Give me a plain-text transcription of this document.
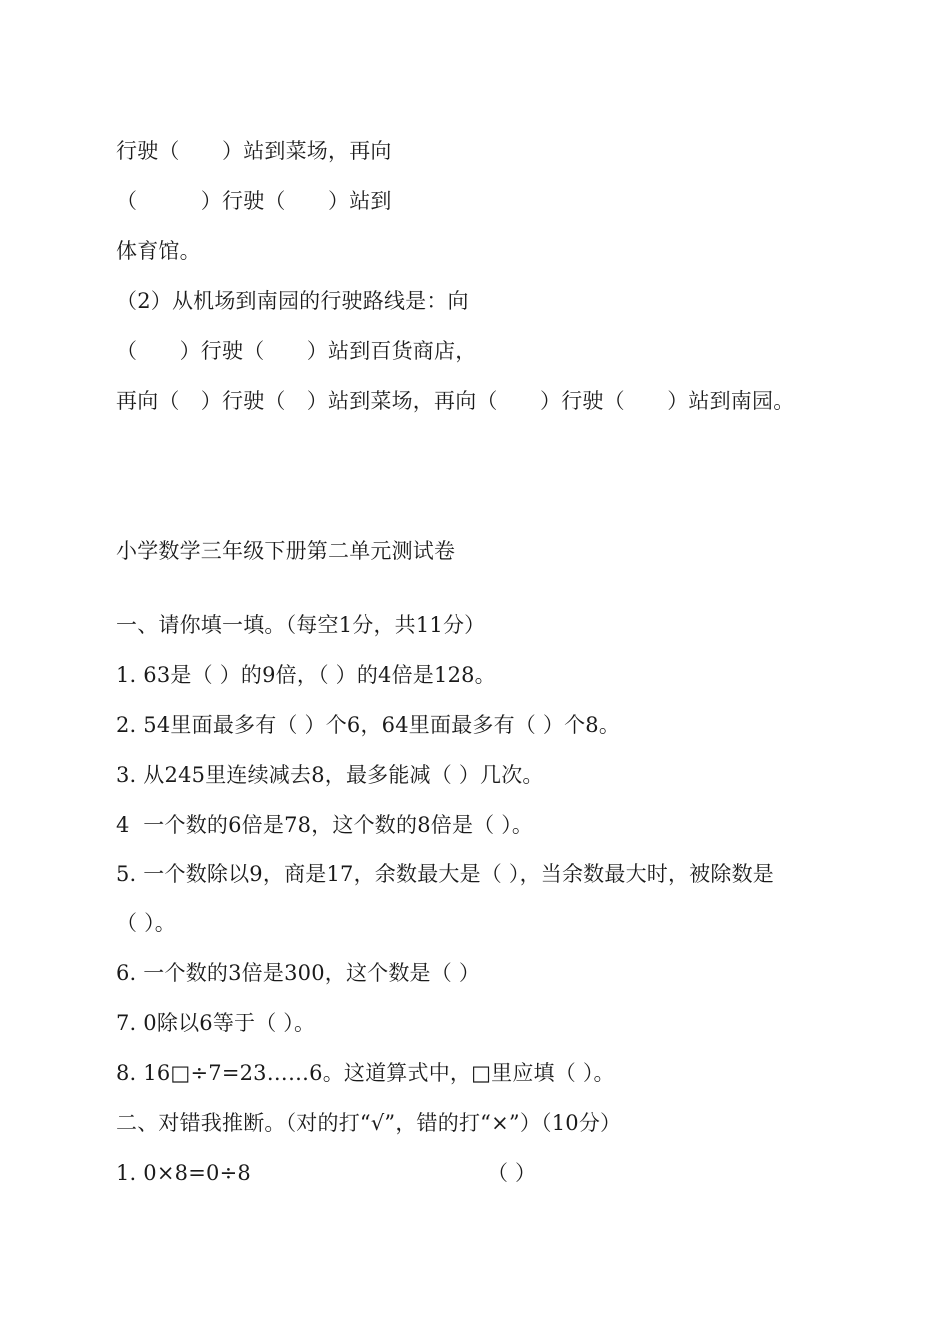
行驶（　　）站到菜场，再向
（　　　）行驶（　　）站到
体育馆。
（2）从机场到南园的行驶路线是：向
（　　）行驶（　　）站到百货商店，
再向（　）行驶（　）站到菜场，再向（　　）行驶（　　）站到南园。
小学数学三年级下册第二单元测试卷
一、请你填一填。（每空1分，共11分）
1. 63是（ ）的9倍，（ ）的4倍是128。
2. 54里面最多有（ ）个6，64里面最多有（ ）个8。
3. 从245里连续减去8，最多能减（ ）几次。
4  一个数的6倍是78，这个数的8倍是（ ）。
5. 一个数除以9，商是17，余数最大是（ ），当余数最大时，被除数是
（ ）。
6. 一个数的3倍是300，这个数是（ ）
7. 0除以6等于（ ）。
8. 16□÷7=23……6。这道算式中，□里应填（ ）。
二、对错我推断。（对的打“√”，错的打“×”）（10分）
1. 0×8=0÷8	（ ）
